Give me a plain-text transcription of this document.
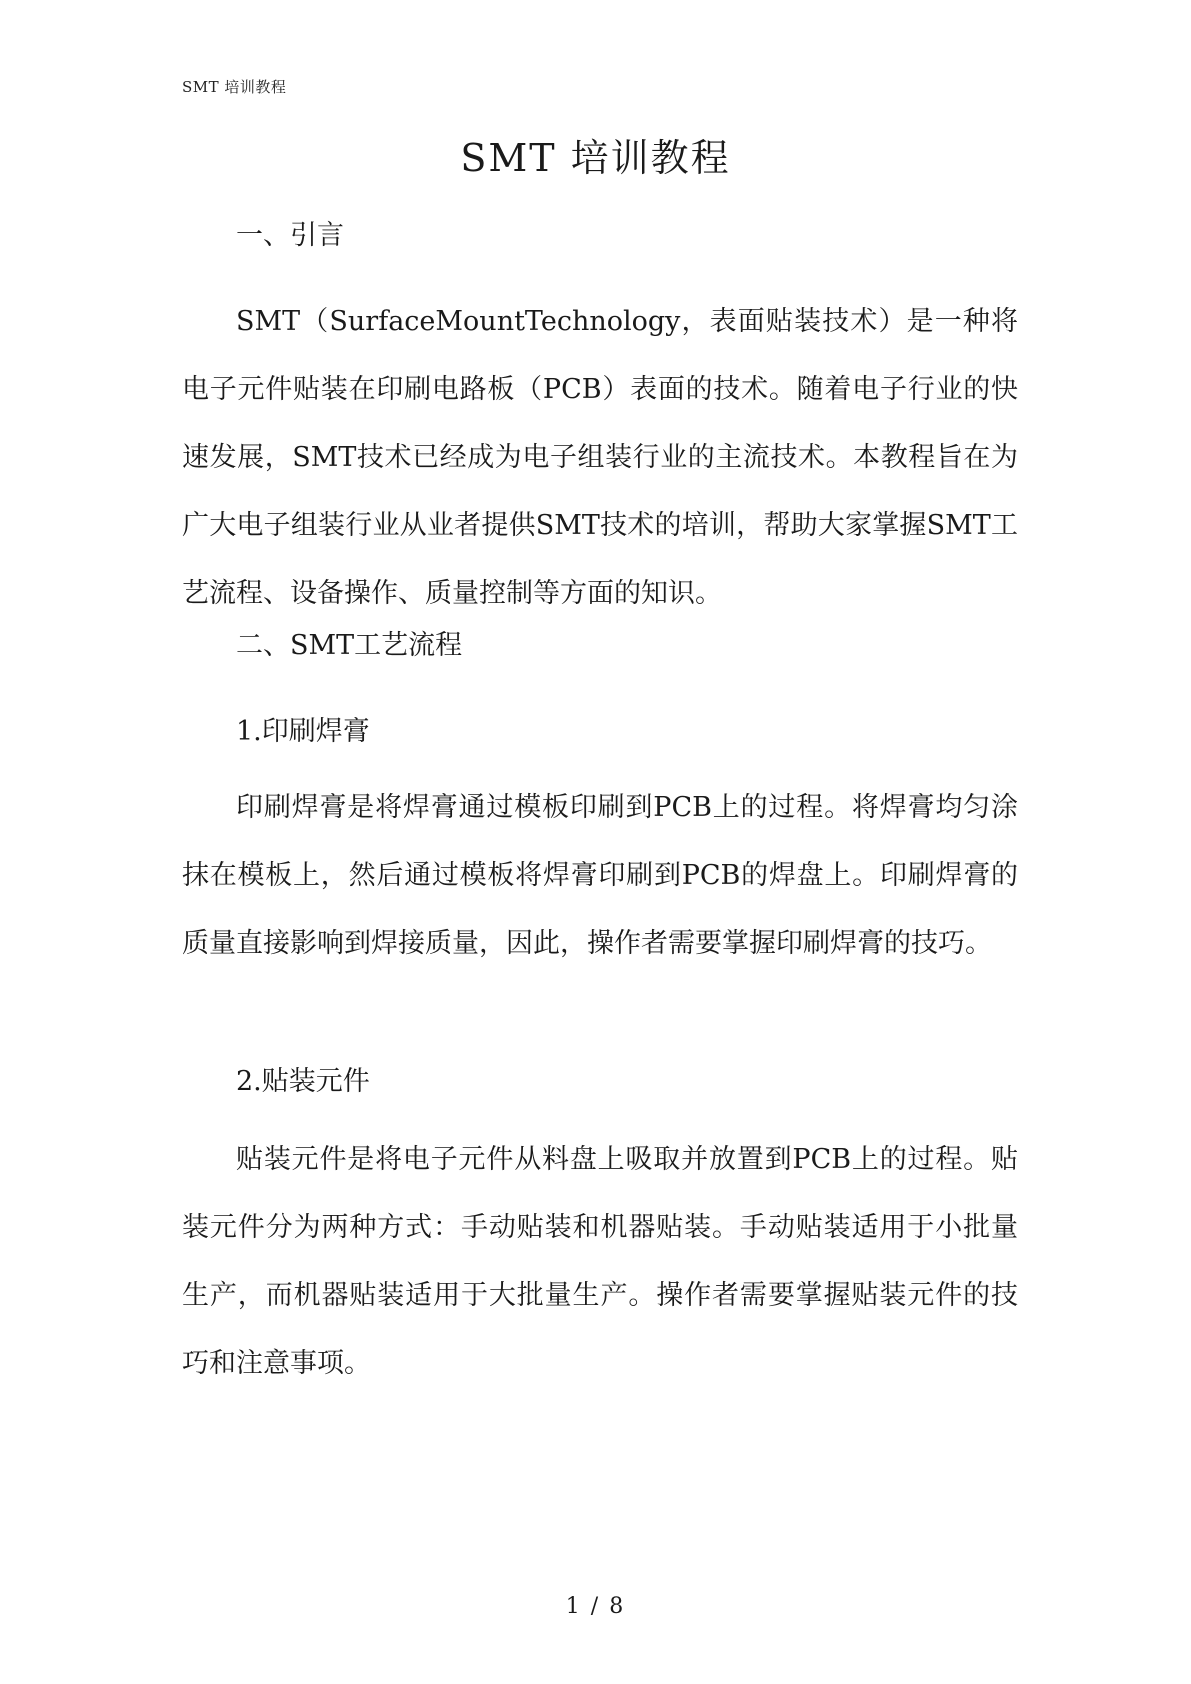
SMT 培训教程
SMT 培训教程
一、引言

SMT（SurfaceMountTechnology，表面贴装技术）是一种将电子元件贴装在印刷电路板（PCB）表面的技术。随着电子行业的快速发展，SMT技术已经成为电子组装行业的主流技术。本教程旨在为广大电子组装行业从业者提供SMT技术的培训，帮助大家掌握SMT工艺流程、设备操作、质量控制等方面的知识。

二、SMT工艺流程
1.印刷焊膏

印刷焊膏是将焊膏通过模板印刷到PCB上的过程。将焊膏均匀涂抹在模板上，然后通过模板将焊膏印刷到PCB的焊盘上。印刷焊膏的质量直接影响到焊接质量，因此，操作者需要掌握印刷焊膏的技巧。

2.贴装元件

贴装元件是将电子元件从料盘上吸取并放置到PCB上的过程。贴装元件分为两种方式：手动贴装和机器贴装。手动贴装适用于小批量生产，而机器贴装适用于大批量生产。操作者需要掌握贴装元件的技巧和注意事项。

1 / 8
